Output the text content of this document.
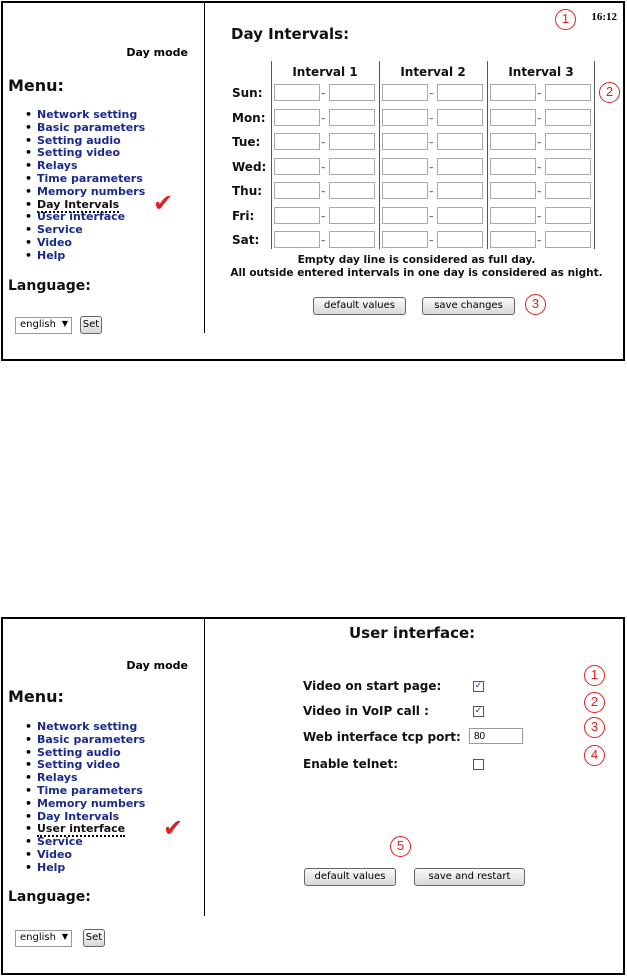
Day mode
Menu:
• Network setting
• Basic parameters
• Setting audio
• Setting video
• Relays
• Time parameters
• Memory numbers
• Day Intervals
• User interface
• Service
• Video
• Help
✔
Language:
english ▼ Set
Day Intervals:
16:12
1
Interval 1	Interval 2	Interval 3
2
Empty day line is considered as full day.
All outside entered intervals in one day is considered as night.
default values	save changes	3
Sun:	–	–	–
Mon:	–	–	–
Tue:	–	–	–
Wed:	–	–	–
Thu:	–	–	–
Fri:	–	–	–
Sat:	–	–	–
Day mode
Menu:
• Network setting
• Basic parameters
• Setting audio
• Setting video
• Relays
• Time parameters
• Memory numbers
• Day Intervals
• User interface
• Service
• Video
• Help
✔
Language:
english ▼ Set
User interface:
Video on start page:	✓
1
Video in VoIP call :	✓
2
Web interface tcp port:
80
3
Enable telnet:
4
5
default values	save and restart
